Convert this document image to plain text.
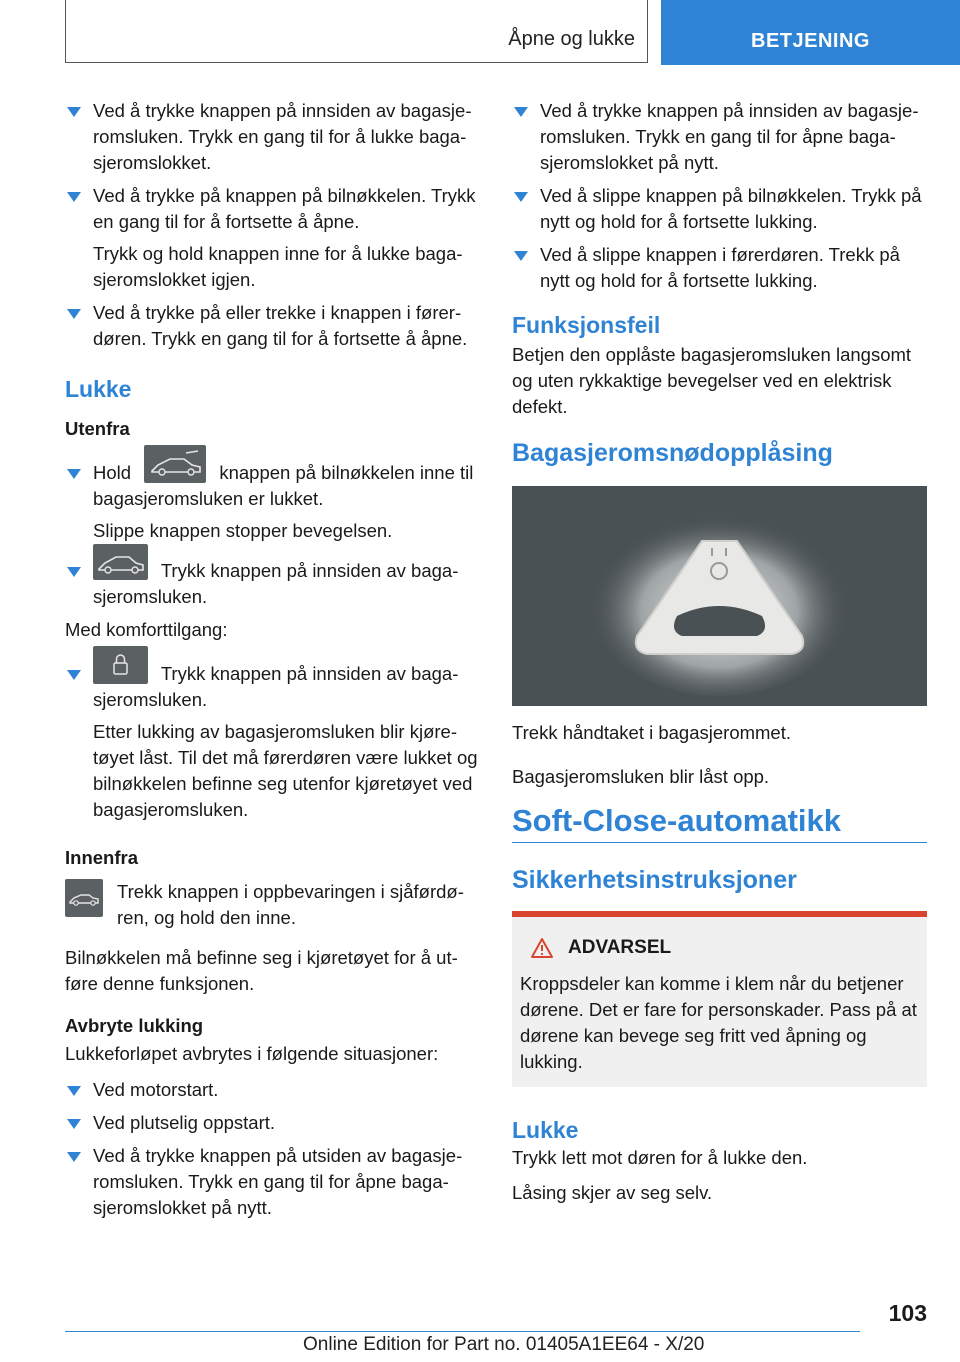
Åpne og lukke	BETJENING

Ved å trykke knappen på innsiden av bagasjeromsluken. Trykk en gang til for å lukke bagasjeromslokket.

Ved å trykke på knappen på bilnøkkelen. Trykk en gang til for å fortsette å åpne.

Trykk og hold knappen inne for å lukke bagasjeromslokket igjen.

Ved å trykke på eller trekke i knappen i førerdøren. Trykk en gang til for å fortsette å åpne.

Lukke
Utenfra

Hold	knappen på bilnøkkelen inne til bagasjeromsluken er lukket.

Slippe knappen stopper bevegelsen.

Trykk knappen på innsiden av bagasjeromsluken.

Med komforttilgang:

Trykk knappen på innsiden av bagasjeromsluken.

Etter lukking av bagasjeromsluken blir kjøretøyet låst. Til det må førerdøren være lukket og bilnøkkelen befinne seg utenfor kjøretøyet ved bagasjeromsluken.

Innenfra
Trekk knappen i oppbevaringen i sjåførdøren, og hold den inne.

Bilnøkkelen må befinne seg i kjøretøyet for å utføre denne funksjonen.

Avbryte lukking

Lukkeforløpet avbrytes i følgende situasjoner:

Ved motorstart.

Ved plutselig oppstart.

Ved å trykke knappen på utsiden av bagasjeromsluken. Trykk en gang til for åpne bagasjeromslokket på nytt.

Ved å trykke knappen på innsiden av bagasjeromsluken. Trykk en gang til for åpne bagasjeromslokket på nytt.

Ved å slippe knappen på bilnøkkelen. Trykk på nytt og hold for å fortsette lukking.

Ved å slippe knappen i førerdøren. Trekk på nytt og hold for å fortsette lukking.

Funksjonsfeil

Betjen den opplåste bagasjeromsluken langsomt og uten rykkaktige bevegelser ved en elektrisk defekt.

Bagasjeromsnødopplåsing

Trekk håndtaket i bagasjerommet.

Bagasjeromsluken blir låst opp.

Soft-Close-automatikk
Sikkerhetsinstruksjoner
ADVARSEL

Kroppsdeler kan komme i klem når du betjener dørene. Det er fare for personskader. Pass på at dørene kan bevege seg fritt ved åpning og lukking.

Lukke

Trykk lett mot døren for å lukke den.

Låsing skjer av seg selv.

103
Online Edition for Part no. 01405A1EE64 - X/20
